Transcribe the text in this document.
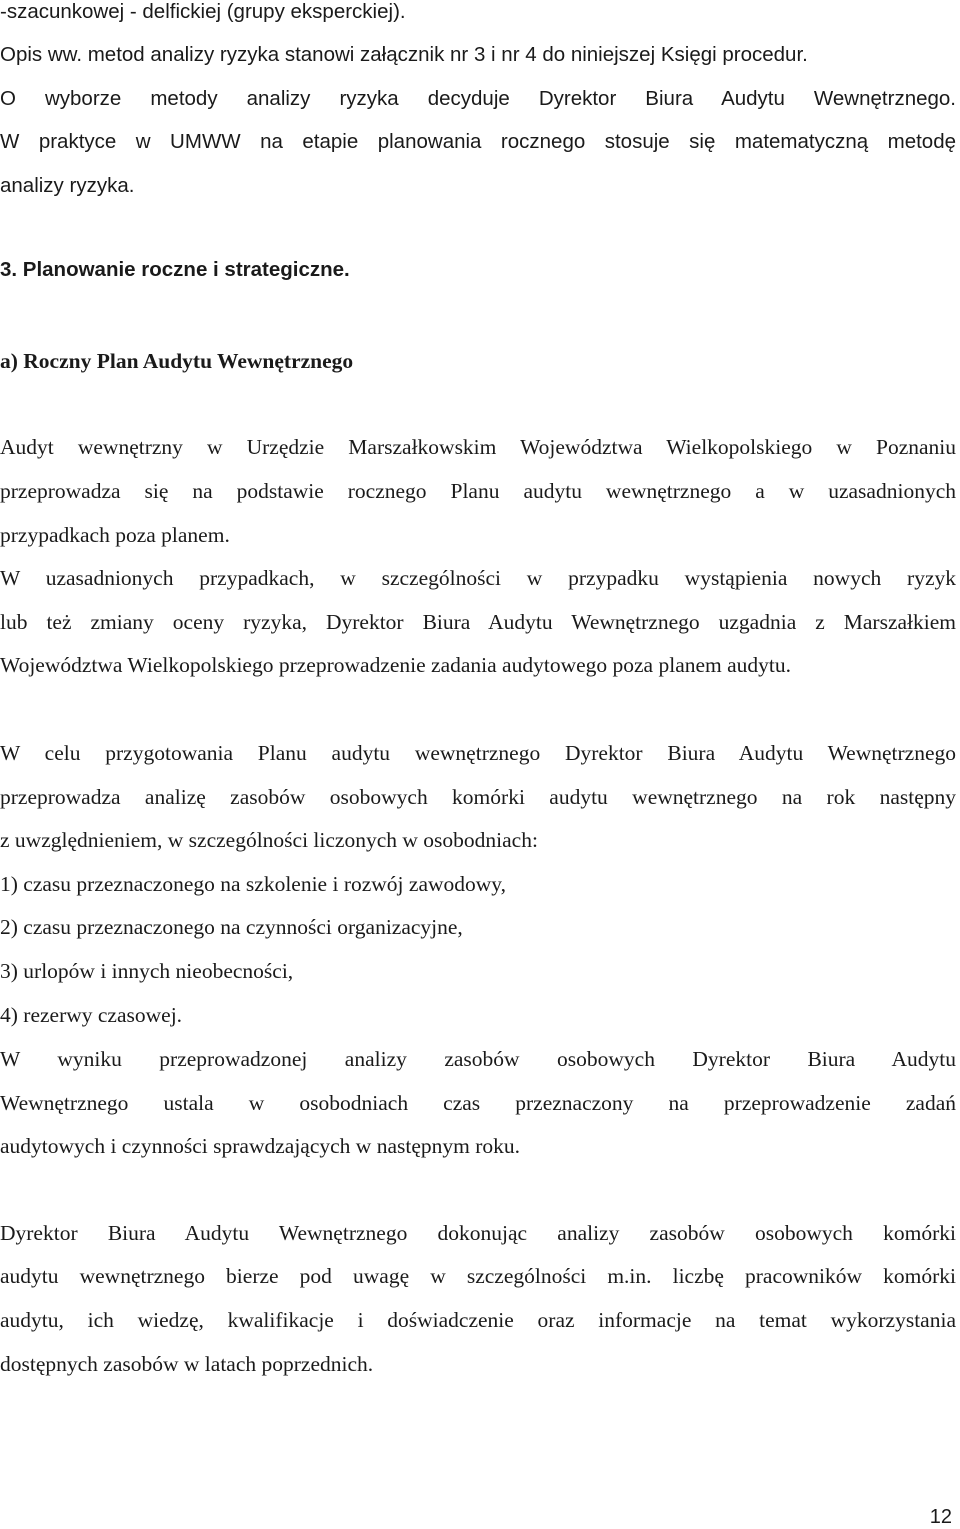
-szacunkowej - delfickiej (grupy eksperckiej).
Opis ww. metod analizy ryzyka stanowi załącznik nr 3 i nr 4 do niniejszej Księgi procedur.
O wyborze metody analizy ryzyka decyduje Dyrektor Biura Audytu Wewnętrznego.
W praktyce w UMWW na etapie planowania rocznego stosuje się matematyczną metodę
analizy ryzyka.
3. Planowanie roczne i strategiczne.
a) Roczny Plan Audytu Wewnętrznego
Audyt wewnętrzny w Urzędzie Marszałkowskim Województwa Wielkopolskiego w Poznaniu
przeprowadza się na podstawie rocznego Planu audytu wewnętrznego a w uzasadnionych
przypadkach poza planem.
W uzasadnionych przypadkach, w szczególności w przypadku wystąpienia nowych ryzyk
lub też zmiany oceny ryzyka, Dyrektor Biura Audytu Wewnętrznego uzgadnia z Marszałkiem
Województwa Wielkopolskiego przeprowadzenie zadania audytowego poza planem audytu.
W celu przygotowania Planu audytu wewnętrznego Dyrektor Biura Audytu Wewnętrznego
przeprowadza analizę zasobów osobowych komórki audytu wewnętrznego na rok następny
z uwzględnieniem, w szczególności liczonych w osobodniach:
1) czasu przeznaczonego na szkolenie i rozwój zawodowy,
2) czasu przeznaczonego na czynności organizacyjne,
3) urlopów i innych nieobecności,
4) rezerwy czasowej.
W wyniku przeprowadzonej analizy zasobów osobowych Dyrektor Biura Audytu
Wewnętrznego ustala w osobodniach czas przeznaczony na przeprowadzenie zadań
audytowych i czynności sprawdzających w następnym roku.
Dyrektor Biura Audytu Wewnętrznego dokonując analizy zasobów osobowych komórki
audytu wewnętrznego bierze pod uwagę w szczególności m.in. liczbę pracowników komórki
audytu, ich wiedzę, kwalifikacje i doświadczenie oraz informacje na temat wykorzystania
dostępnych zasobów w latach poprzednich.
12
